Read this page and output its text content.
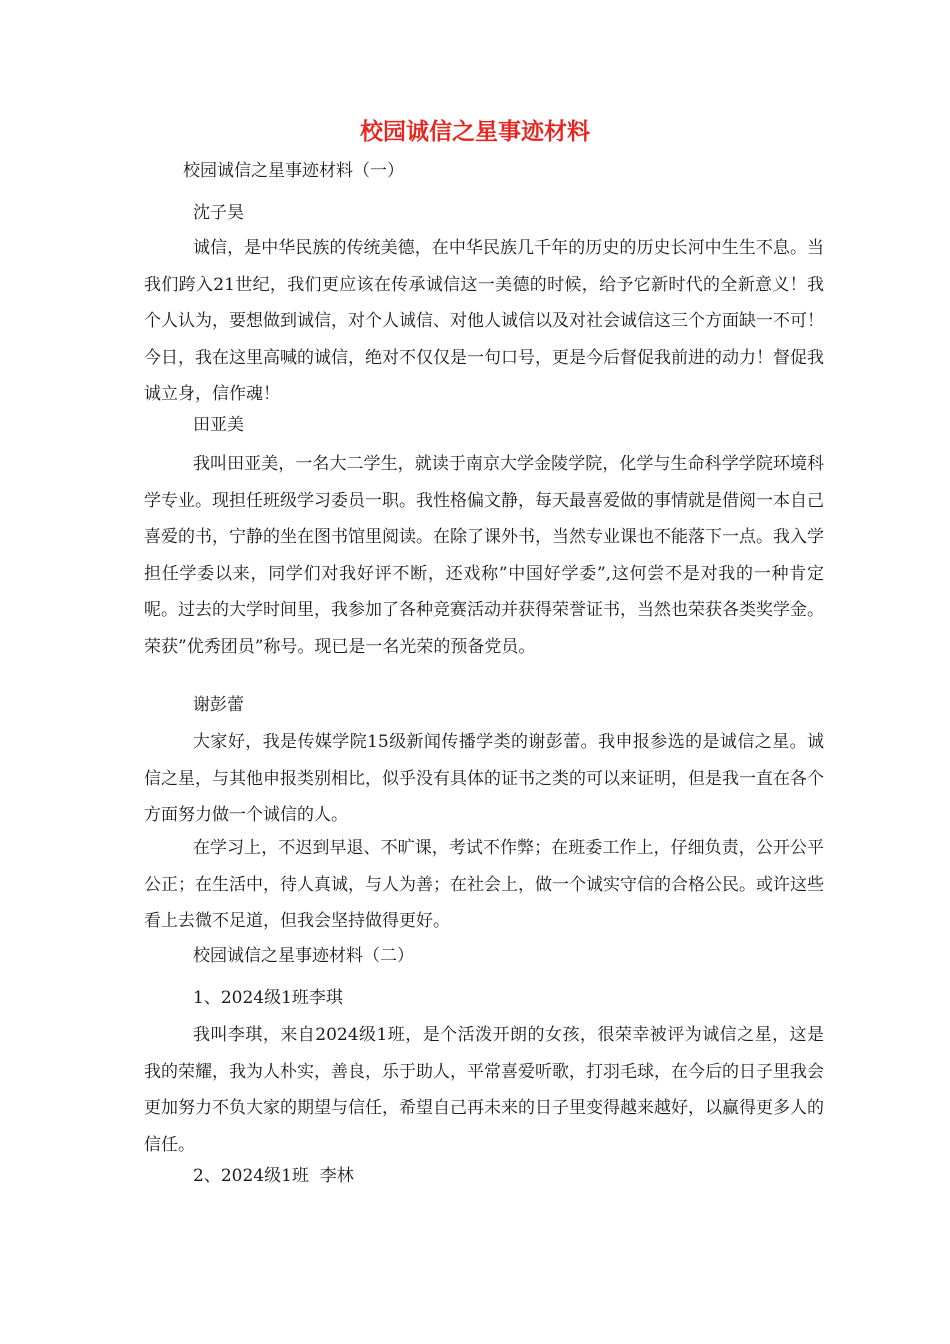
校园诚信之星事迹材料
校园诚信之星事迹材料（一）
沈子昊

诚信，是中华民族的传统美德，在中华民族几千年的历史的历史长河中生生不息。当我们跨入21世纪，我们更应该在传承诚信这一美德的时候，给予它新时代的全新意义！我个人认为，要想做到诚信，对个人诚信、对他人诚信以及对社会诚信这三个方面缺一不可！今日，我在这里高喊的诚信，绝对不仅仅是一句口号，更是今后督促我前进的动力！督促我诚立身，信作魂！

田亚美

我叫田亚美，一名大二学生，就读于南京大学金陵学院，化学与生命科学学院环境科学专业。现担任班级学习委员一职。我性格偏文静，每天最喜爱做的事情就是借阅一本自己喜爱的书，宁静的坐在图书馆里阅读。在除了课外书，当然专业课也不能落下一点。我入学担任学委以来，同学们对我好评不断，还戏称”中国好学委”,这何尝不是对我的一种肯定呢。过去的大学时间里，我参加了各种竞赛活动并获得荣誉证书，当然也荣获各类奖学金。荣获”优秀团员”称号。现已是一名光荣的预备党员。

谢彭蕾

大家好，我是传媒学院15级新闻传播学类的谢彭蕾。我申报参选的是诚信之星。诚信之星，与其他申报类别相比，似乎没有具体的证书之类的可以来证明，但是我一直在各个方面努力做一个诚信的人。

在学习上，不迟到早退、不旷课，考试不作弊；在班委工作上，仔细负责，公开公平公正；在生活中，待人真诚，与人为善；在社会上，做一个诚实守信的合格公民。或许这些看上去微不足道，但我会坚持做得更好。

校园诚信之星事迹材料（二）
1、2024级1班李琪

我叫李琪，来自2024级1班，是个活泼开朗的女孩，很荣幸被评为诚信之星，这是我的荣耀，我为人朴实，善良，乐于助人，平常喜爱听歌，打羽毛球，在今后的日子里我会更加努力不负大家的期望与信任，希望自己再未来的日子里变得越来越好，以赢得更多人的信任。

2、2024级1班  李林
